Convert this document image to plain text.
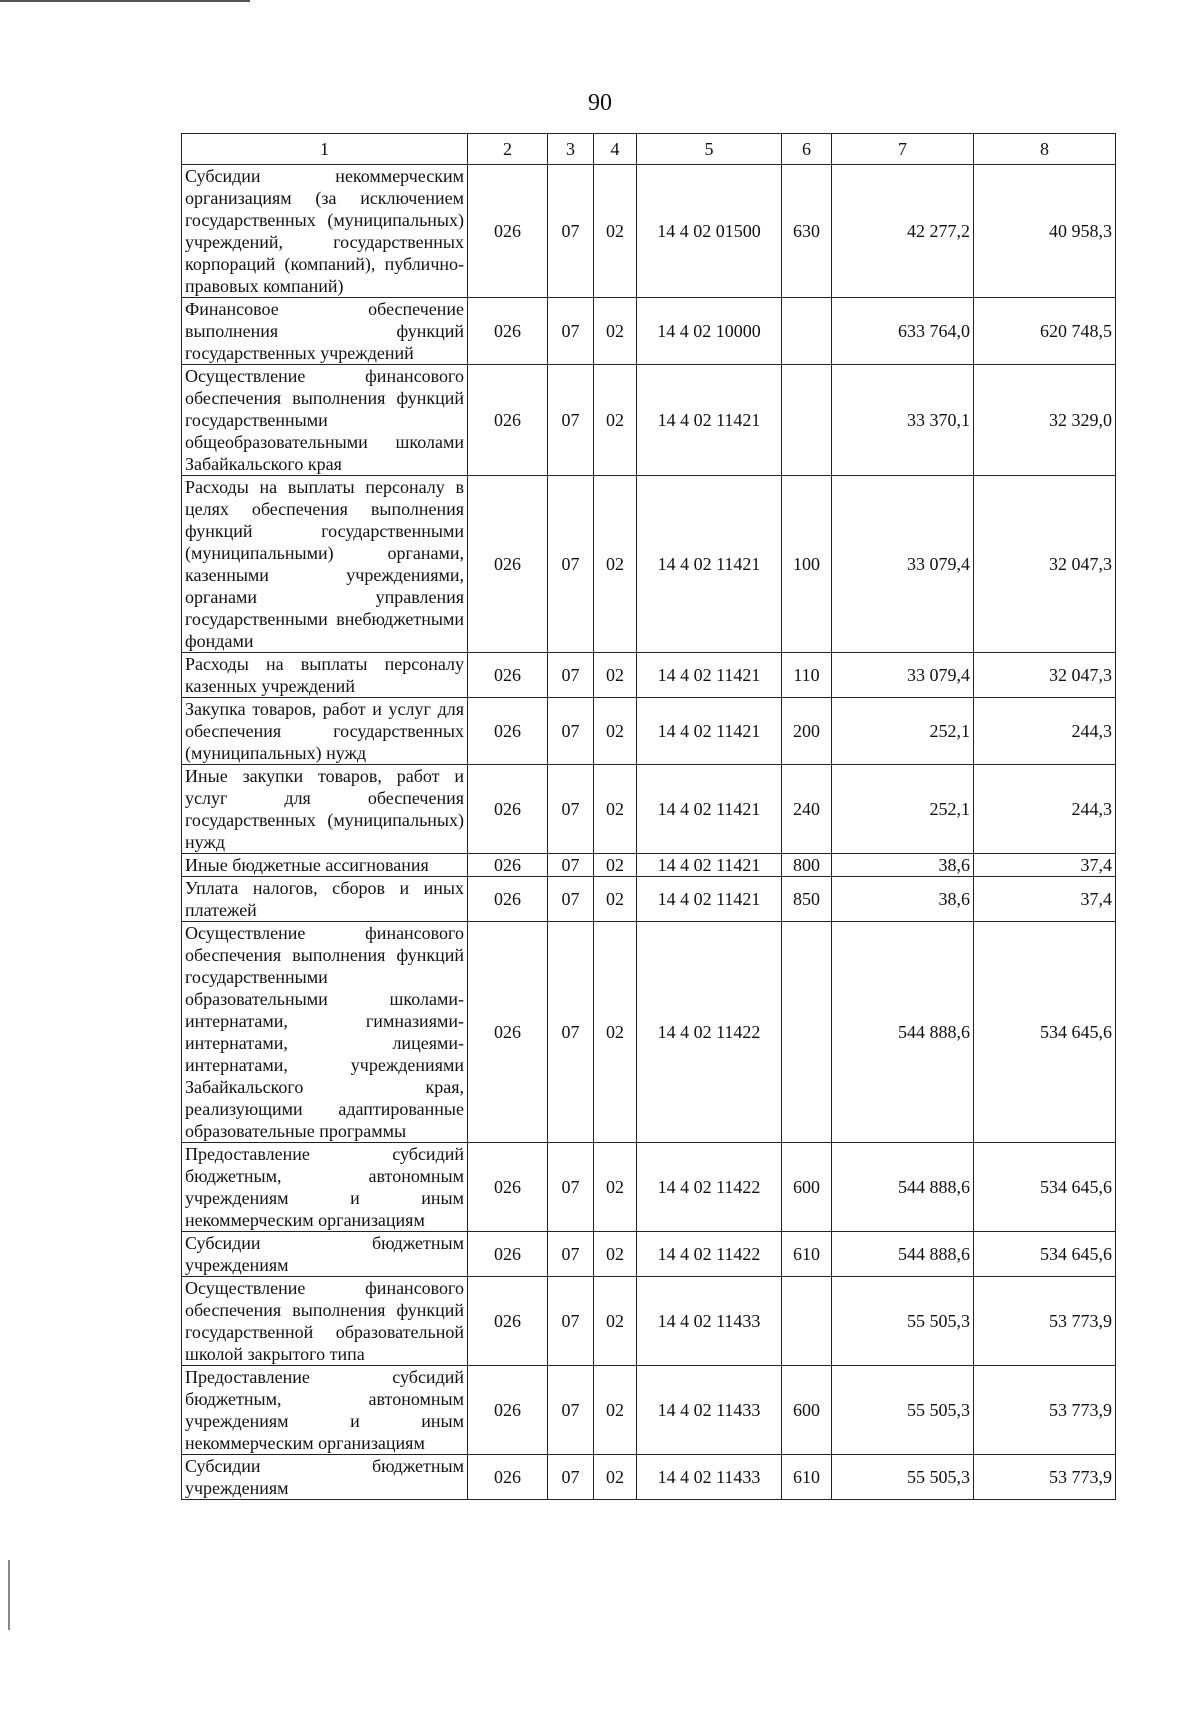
90
1	2	3	4	5	6	7	8
Субсидии некоммерческим организациям (за исключением государственных (муниципальных) учреждений, государственных корпораций (компаний), публично-правовых компаний)	026	07	02	14 4 02 01500	630	42 277,2	40 958,3
Финансовое обеспечение выполнения функций государственных учреждений	026	07	02	14 4 02 10000		633 764,0	620 748,5
Осуществление финансового обеспечения выполнения функций государственными общеобразовательными школами Забайкальского края	026	07	02	14 4 02 11421		33 370,1	32 329,0
Расходы на выплаты персоналу в целях обеспечения выполнения функций государственными (муниципальными) органами, казенными учреждениями, органами управления государственными внебюджетными фондами	026	07	02	14 4 02 11421	100	33 079,4	32 047,3
Расходы на выплаты персоналу казенных учреждений	026	07	02	14 4 02 11421	110	33 079,4	32 047,3
Закупка товаров, работ и услуг для обеспечения государственных (муниципальных) нужд	026	07	02	14 4 02 11421	200	252,1	244,3
Иные закупки товаров, работ и услуг для обеспечения государственных (муниципальных) нужд	026	07	02	14 4 02 11421	240	252,1	244,3
Иные бюджетные ассигнования	026	07	02	14 4 02 11421	800	38,6	37,4
Уплата налогов, сборов и иных платежей	026	07	02	14 4 02 11421	850	38,6	37,4
Осуществление финансового обеспечения выполнения функций государственными образовательными школами-интернатами, гимназиями-интернатами, лицеями-интернатами, учреждениями Забайкальского края, реализующими адаптированные образовательные программы	026	07	02	14 4 02 11422		544 888,6	534 645,6
Предоставление субсидий бюджетным, автономным учреждениям и иным некоммерческим организациям	026	07	02	14 4 02 11422	600	544 888,6	534 645,6
Субсидии бюджетным учреждениям	026	07	02	14 4 02 11422	610	544 888,6	534 645,6
Осуществление финансового обеспечения выполнения функций государственной образовательной школой закрытого типа	026	07	02	14 4 02 11433		55 505,3	53 773,9
Предоставление субсидий бюджетным, автономным учреждениям и иным некоммерческим организациям	026	07	02	14 4 02 11433	600	55 505,3	53 773,9
Субсидии бюджетным учреждениям	026	07	02	14 4 02 11433	610	55 505,3	53 773,9
